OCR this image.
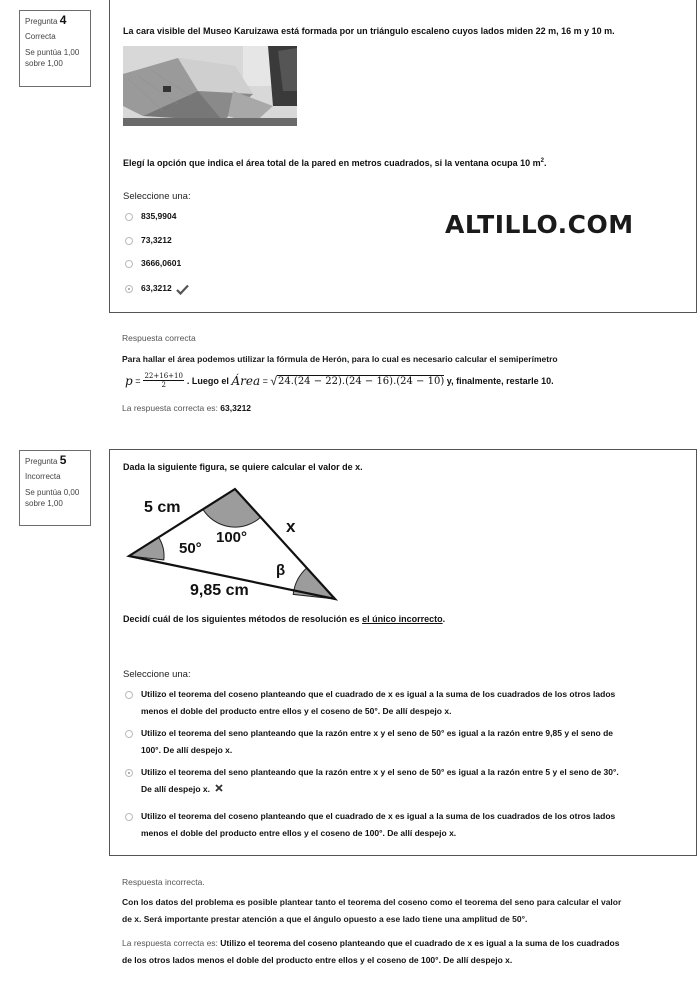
Pregunta 4
Correcta
Se puntúa 1,00
sobre 1,00
La cara visible del Museo Karuizawa está formada por un triángulo escaleno cuyos lados miden 22 m, 16 m y 10 m.
Elegí la opción que indica el área total de la pared en metros cuadrados, si la ventana ocupa 10 $m^2$.
Seleccione una:
835,9904
73,3212
3666,0601
63,3212
ALTILLO.COM
Respuesta correcta
Para hallar el área podemos utilizar la fórmula de Herón, para lo cual es necesario calcular el semiperímetro
p
= $\frac{22+16+10}{2}$ . Luego el
Área
=
√ 24.(24 − 22).(24 − 16).(24 − 10)
y, finalmente, restarle 10.
La respuesta correcta es: 63,3212
Pregunta 5
Incorrecta
Se puntúa 0,00
sobre 1,00
Dada la siguiente figura, se quiere calcular el valor de x.
Decidí cuál de los siguientes métodos de resolución es el único incorrecto.
Seleccione una:
Utilizo el teorema del coseno planteando que el cuadrado de x es igual a la suma de los cuadrados de los otros lados
menos el doble del producto entre ellos y el coseno de 50°. De allí despejo x.
Utilizo el teorema del seno planteando que la razón entre x y el seno de 50° es igual a la razón entre 9,85 y el seno de
100°. De allí despejo x.
Utilizo el teorema del seno planteando que la razón entre x y el seno de 50° es igual a la razón entre 5 y el seno de 30°.
De allí despejo x.
Utilizo el teorema del coseno planteando que el cuadrado de x es igual a la suma de los cuadrados de los otros lados
menos el doble del producto entre ellos y el coseno de 100°. De allí despejo x.
5 cm
100°
x
50°
β
9,85 cm
Respuesta incorrecta.
Con los datos del problema es posible plantear tanto el teorema del coseno como el teorema del seno para calcular el valor
de x. Será importante prestar atención a que el ángulo opuesto a ese lado tiene una amplitud de 50°.
La respuesta correcta es: Utilizo el teorema del coseno planteando que el cuadrado de x es igual a la suma de los cuadrados
de los otros lados menos el doble del producto entre ellos y el coseno de 100°. De allí despejo x.
